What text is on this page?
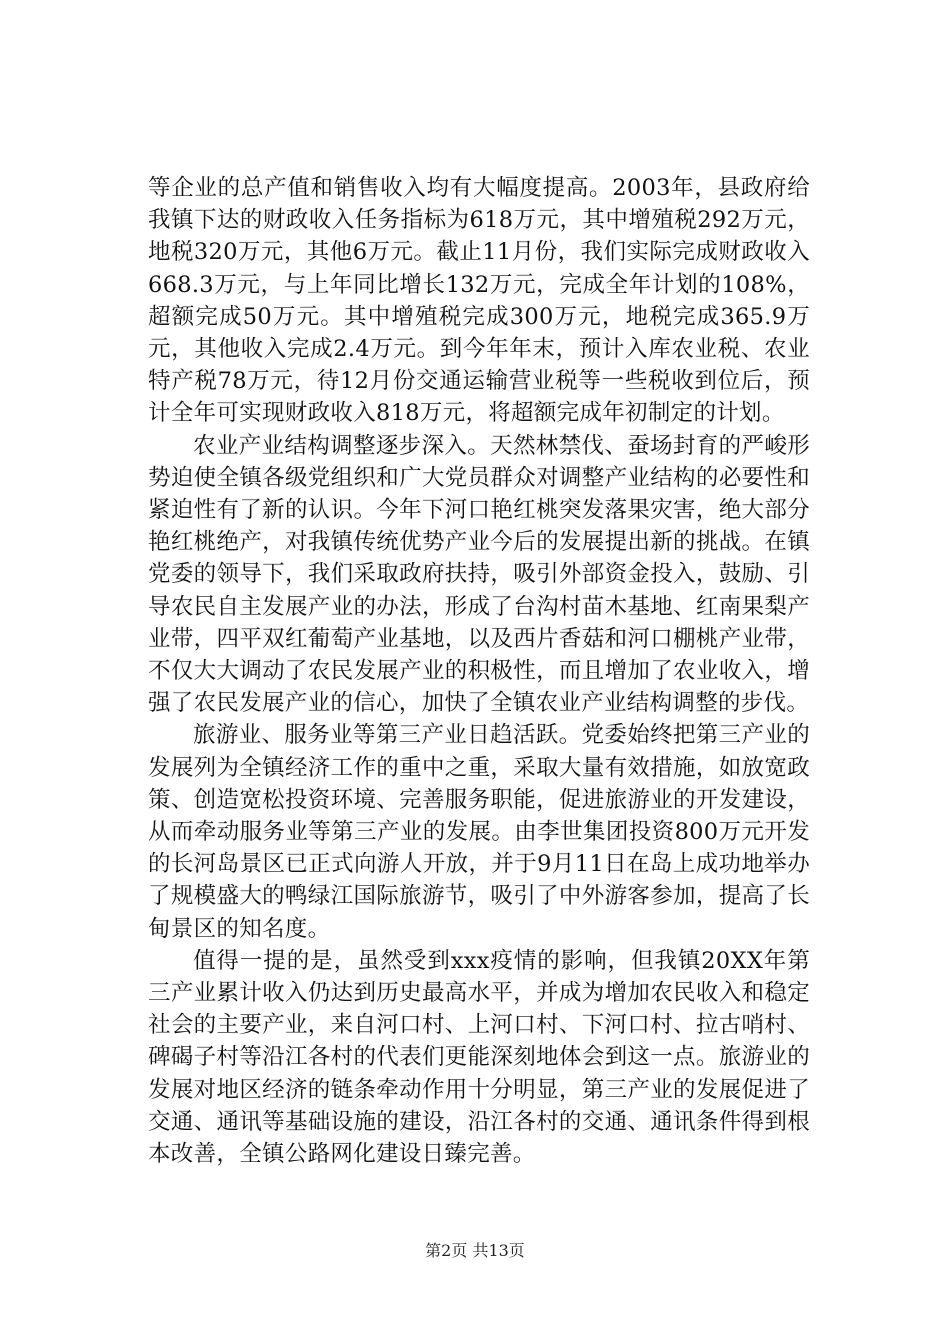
等企业的总产值和销售收入均有大幅度提高。2003年，县政府给我镇下达的财政收入任务指标为618万元，其中增殖税292万元，地税320万元，其他6万元。截止11月份，我们实际完成财政收入668.3万元，与上年同比增长132万元，完成全年计划的108%，超额完成50万元。其中增殖税完成300万元，地税完成365.9万元，其他收入完成2.4万元。到今年年末，预计入库农业税、农业特产税78万元，待12月份交通运输营业税等一些税收到位后，预计全年可实现财政收入818万元，将超额完成年初制定的计划。

农业产业结构调整逐步深入。天然林禁伐、蚕场封育的严峻形势迫使全镇各级党组织和广大党员群众对调整产业结构的必要性和紧迫性有了新的认识。今年下河口艳红桃突发落果灾害，绝大部分艳红桃绝产，对我镇传统优势产业今后的发展提出新的挑战。在镇党委的领导下，我们采取政府扶持，吸引外部资金投入，鼓励、引导农民自主发展产业的办法，形成了台沟村苗木基地、红南果梨产业带，四平双红葡萄产业基地，以及西片香菇和河口棚桃产业带，不仅大大调动了农民发展产业的积极性，而且增加了农业收入，增强了农民发展产业的信心，加快了全镇农业产业结构调整的步伐。

旅游业、服务业等第三产业日趋活跃。党委始终把第三产业的发展列为全镇经济工作的重中之重，采取大量有效措施，如放宽政策、创造宽松投资环境、完善服务职能，促进旅游业的开发建设，从而牵动服务业等第三产业的发展。由李世集团投资800万元开发的长河岛景区已正式向游人开放，并于9月11日在岛上成功地举办了规模盛大的鸭绿江国际旅游节，吸引了中外游客参加，提高了长甸景区的知名度。

值得一提的是，虽然受到xxx疫情的影响，但我镇20XX年第三产业累计收入仍达到历史最高水平，并成为增加农民收入和稳定社会的主要产业，来自河口村、上河口村、下河口村、拉古哨村、碑碣子村等沿江各村的代表们更能深刻地体会到这一点。旅游业的发展对地区经济的链条牵动作用十分明显，第三产业的发展促进了交通、通讯等基础设施的建设，沿江各村的交通、通讯条件得到根本改善，全镇公路网化建设日臻完善。

第2页 共13页
